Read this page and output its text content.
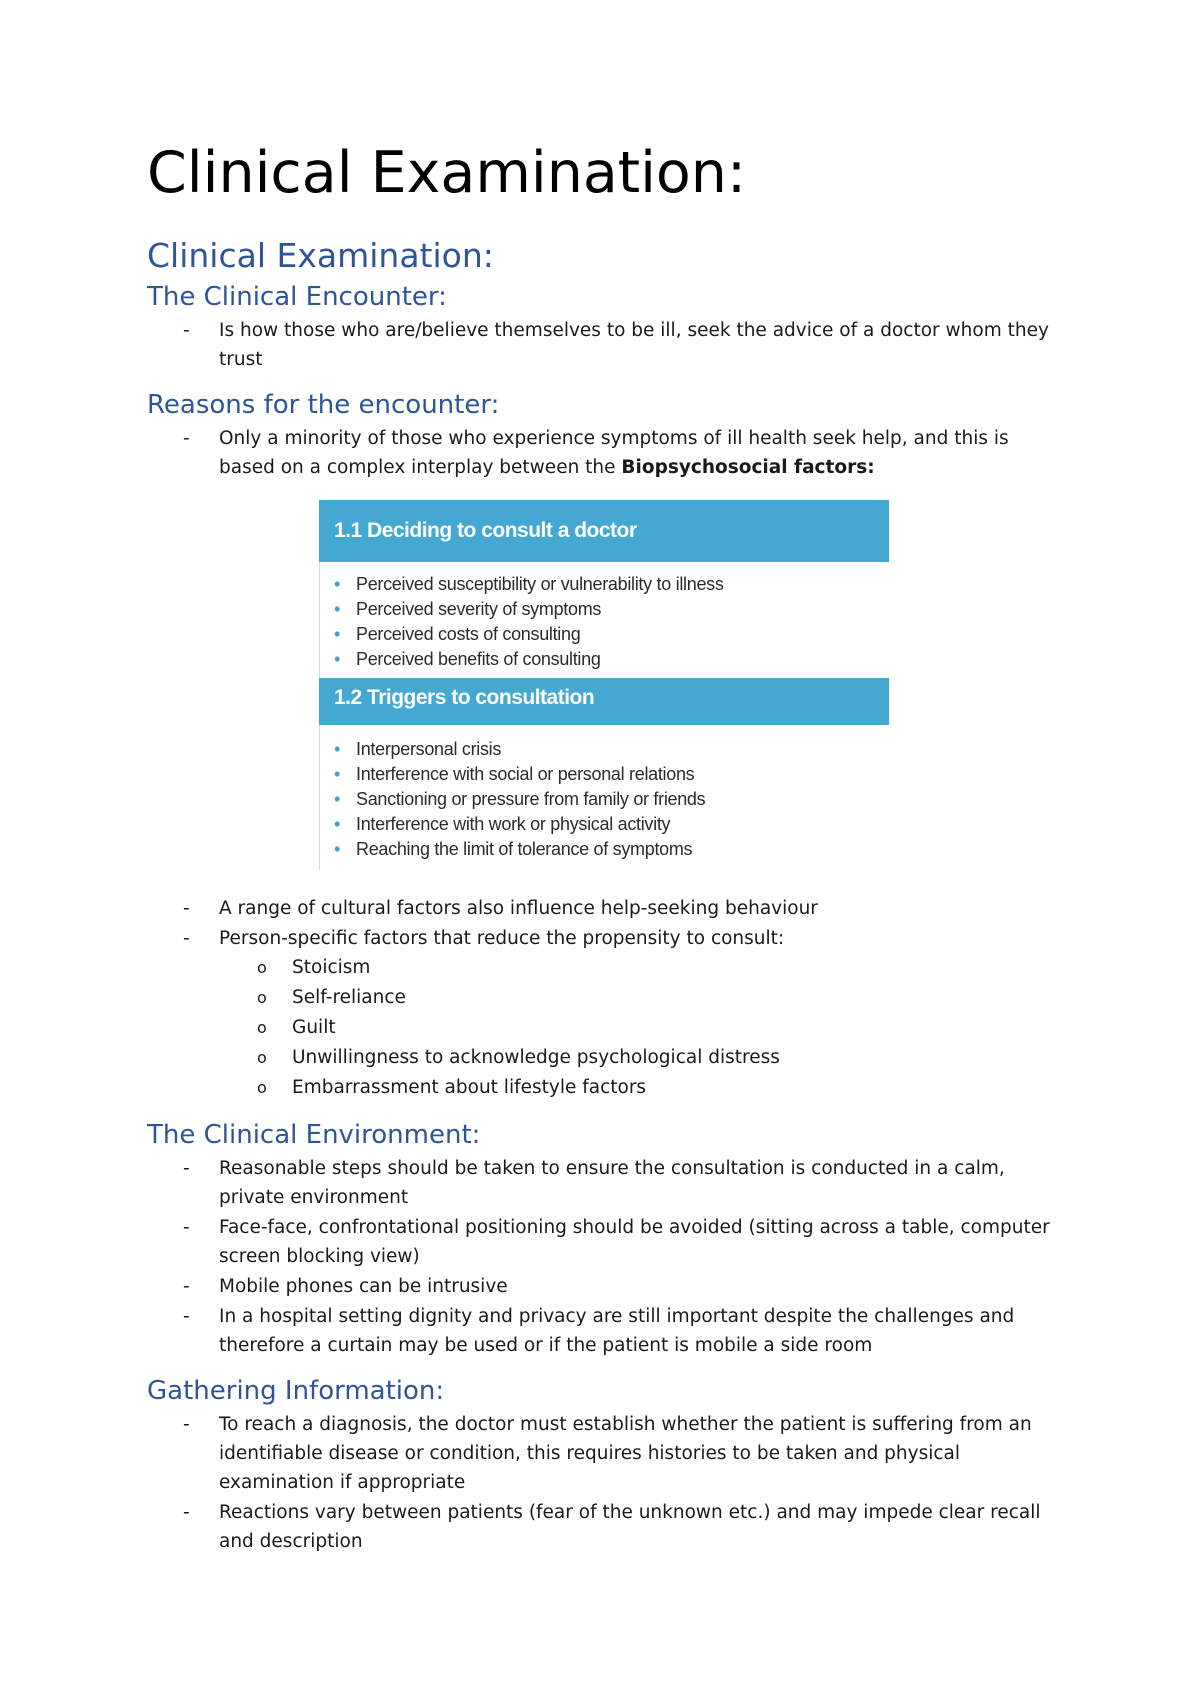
Clinical Examination:
Clinical Examination:
The Clinical Encounter:
- Is how those who are/believe themselves to be ill, seek the advice of a doctor whom they trust
Reasons for the encounter:
- Only a minority of those who experience symptoms of ill health seek help, and this is based on a complex interplay between the Biopsychosocial factors:
1.1 Deciding to consult a doctor
• Perceived susceptibility or vulnerability to illness
• Perceived severity of symptoms
• Perceived costs of consulting
• Perceived benefits of consulting
1.2 Triggers to consultation
• Interpersonal crisis
• Interference with social or personal relations
• Sanctioning or pressure from family or friends
• Interference with work or physical activity
• Reaching the limit of tolerance of symptoms
- A range of cultural factors also influence help-seeking behaviour
- Person-specific factors that reduce the propensity to consult:
o	Stoicism
o	Self-reliance
o	Guilt
o	Unwillingness to acknowledge psychological distress
o	Embarrassment about lifestyle factors
The Clinical Environment:
- Reasonable steps should be taken to ensure the consultation is conducted in a calm, private environment
- Face-face, confrontational positioning should be avoided (sitting across a table, computer screen blocking view)
- Mobile phones can be intrusive
- In a hospital setting dignity and privacy are still important despite the challenges and therefore a curtain may be used or if the patient is mobile a side room
Gathering Information:
- To reach a diagnosis, the doctor must establish whether the patient is suffering from an identifiable disease or condition, this requires histories to be taken and physical examination if appropriate
- Reactions vary between patients (fear of the unknown etc.) and may impede clear recall and description
